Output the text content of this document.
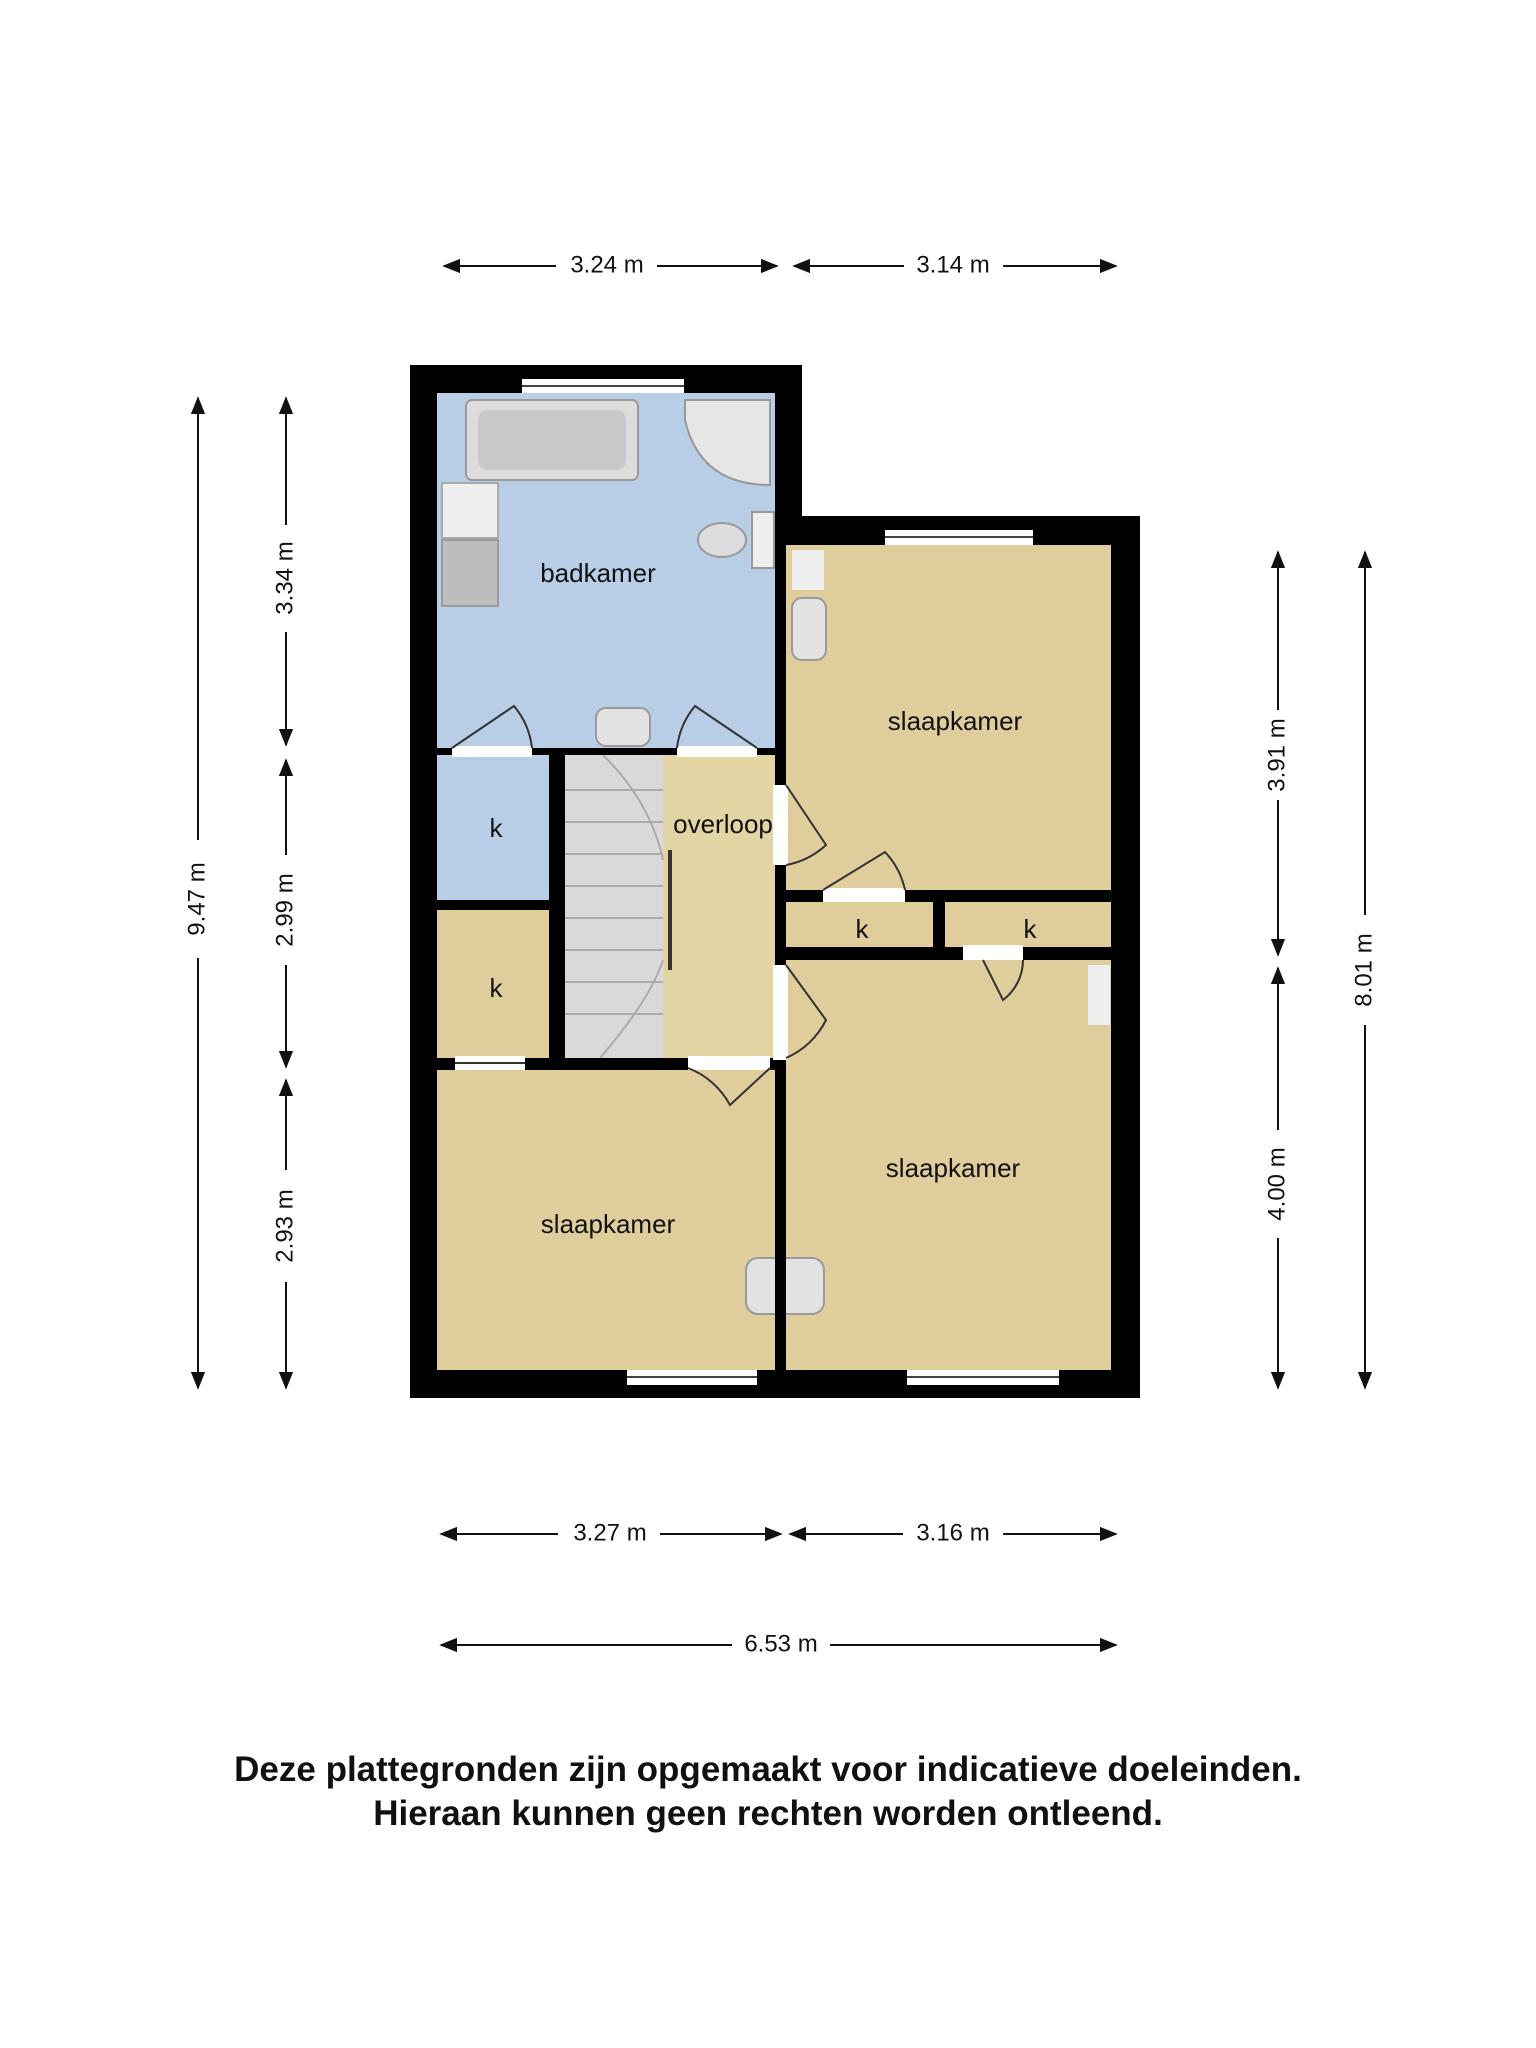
badkamer
overloop
slaapkamer
k
k
k	k
slaapkamer
slaapkamer
3.24 m	3.14 m
3.27 m	3.16 m
6.53 m
9.47 m
3.34 m
2.99 m
2.93 m
3.91 m
4.00 m
8.01 m
Deze plattegronden zijn opgemaakt voor indicatieve doeleinden.
Hieraan kunnen geen rechten worden ontleend.
